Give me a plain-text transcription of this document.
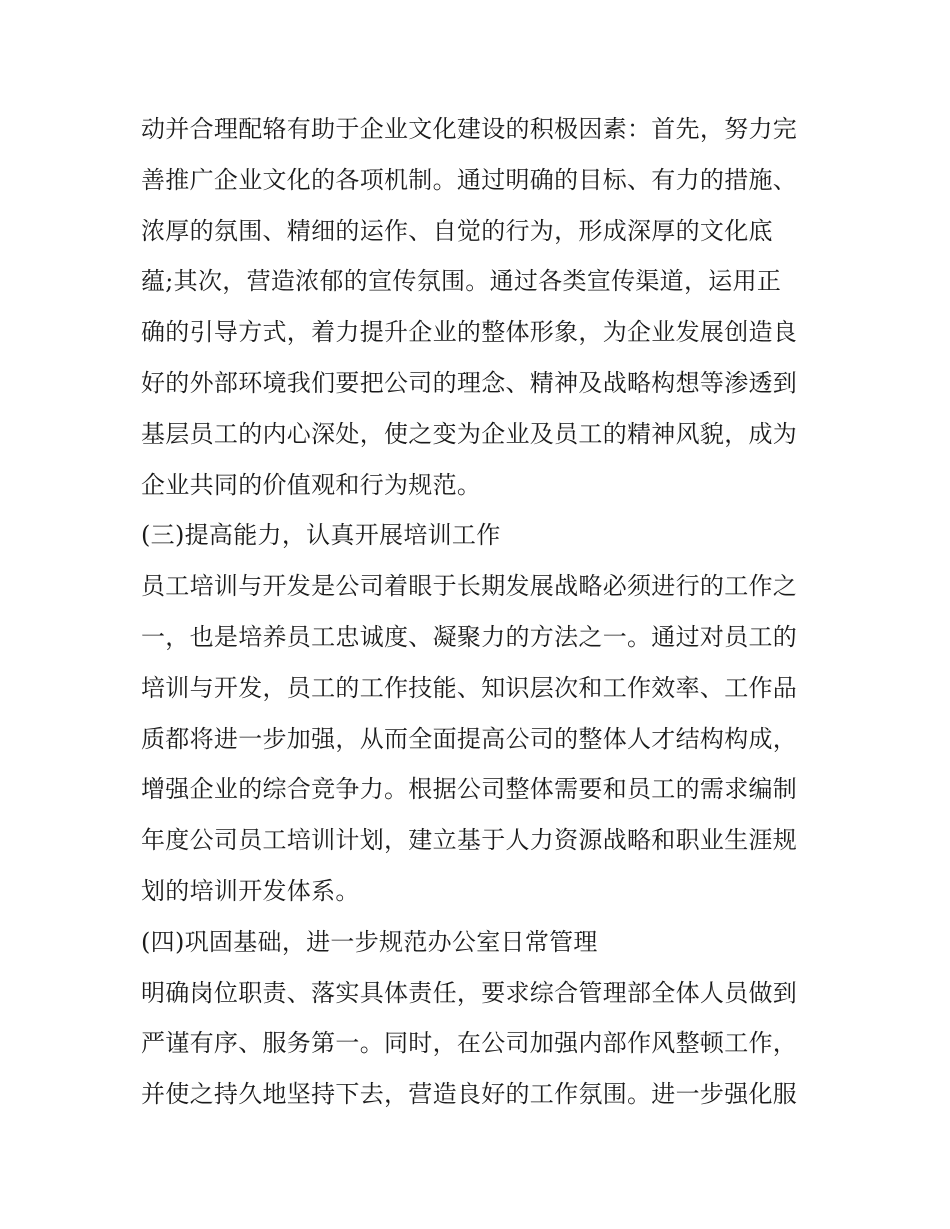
动并合理配辂有助于企业文化建设的积极因素：首先，努力完
善推广企业文化的各项机制。通过明确的目标、有力的措施、
浓厚的氛围、精细的运作、自觉的行为，形成深厚的文化底
蕴;其次，营造浓郁的宣传氛围。通过各类宣传渠道，运用正
确的引导方式，着力提升企业的整体形象，为企业发展创造良
好的外部环境我们要把公司的理念、精神及战略构想等渗透到
基层员工的内心深处，使之变为企业及员工的精神风貌，成为
企业共同的价值观和行为规范。
(三)提高能力，认真开展培训工作
员工培训与开发是公司着眼于长期发展战略必须进行的工作之
一，也是培养员工忠诚度、凝聚力的方法之一。通过对员工的
培训与开发，员工的工作技能、知识层次和工作效率、工作品
质都将进一步加强，从而全面提高公司的整体人才结构构成，
增强企业的综合竞争力。根据公司整体需要和员工的需求编制
年度公司员工培训计划，建立基于人力资源战略和职业生涯规
划的培训开发体系。
(四)巩固基础，进一步规范办公室日常管理
明确岗位职责、落实具体责任，要求综合管理部全体人员做到
严谨有序、服务第一。同时，在公司加强内部作风整顿工作，
并使之持久地坚持下去，营造良好的工作氛围。进一步强化服
